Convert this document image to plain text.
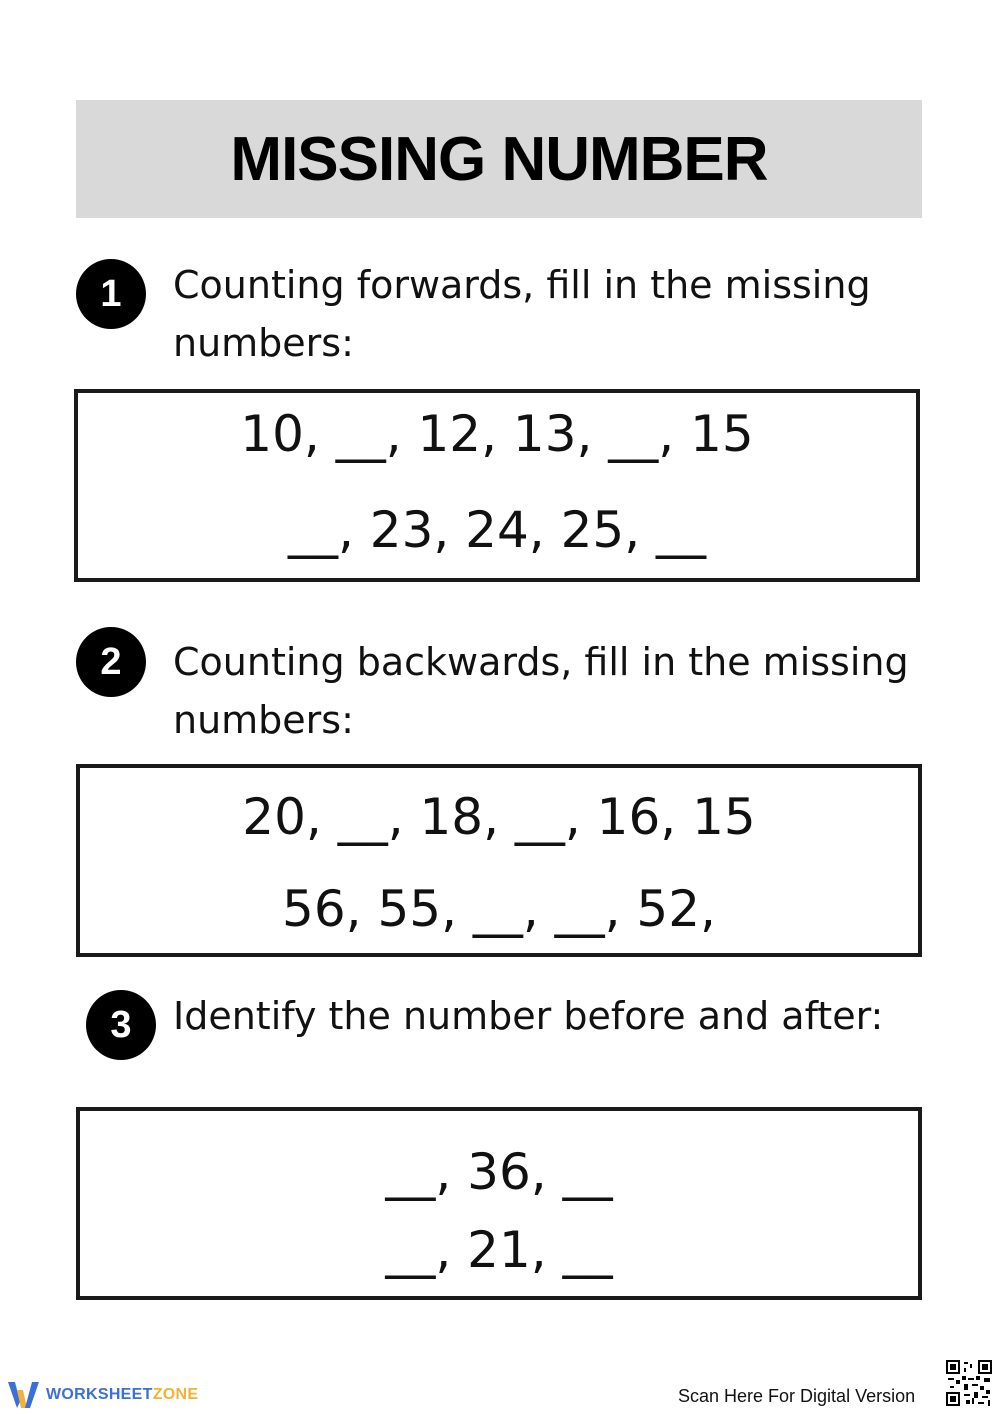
MISSING NUMBER
1	Counting forwards, fill in the missing
numbers:
10, __, 12, 13, __, 15
__, 23, 24, 25, __
2	Counting backwards, fill in the missing
numbers:
20, __, 18, __, 16, 15
56, 55, __, __, 52,
3	Identify the number before and after:
__, 36, __
__, 21, __
WORKSHEETZONE	Scan Here For Digital Version
